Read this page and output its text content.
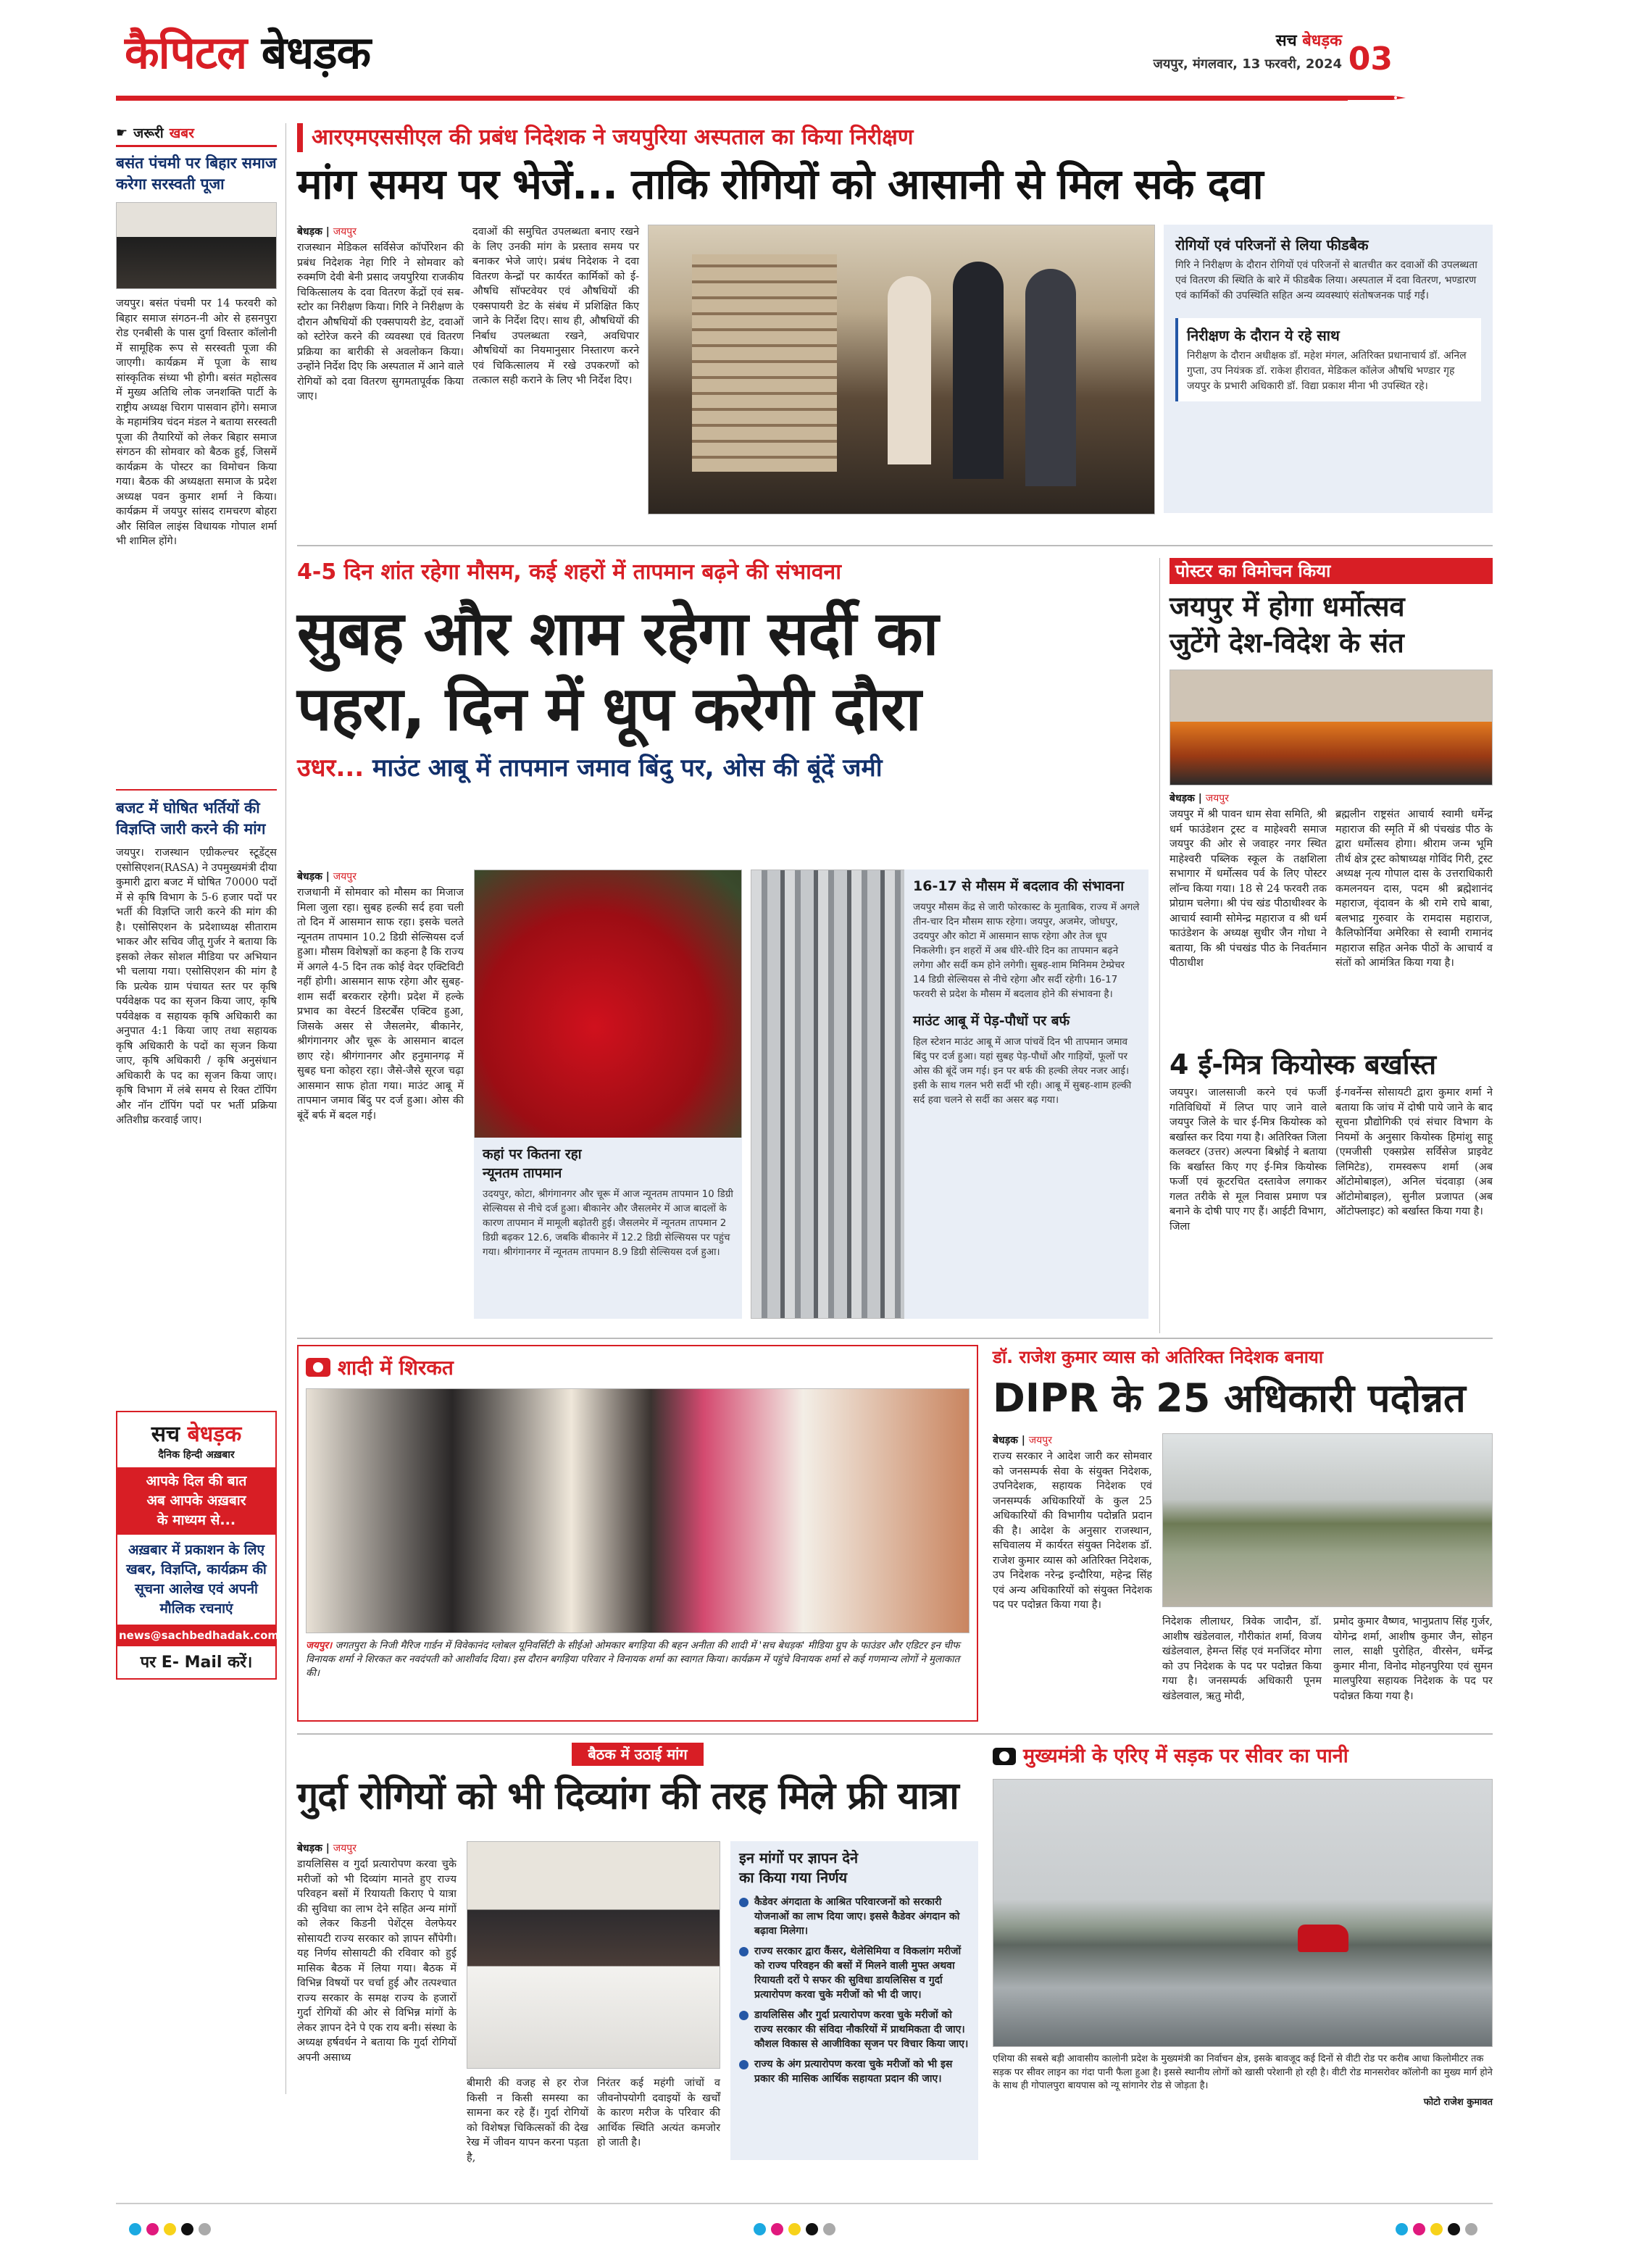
कैपिटल बेधड़क	सच बेधड़क
जयपुर, मंगलवार, 13 फरवरी, 2024 03
☛ जरूरी खबर
बसंत पंचमी पर बिहार समाज करेगा सरस्वती पूजा
जयपुर। बसंत पंचमी पर 14 फरवरी को बिहार समाज संगठन-नी ओर से हसनपुरा रोड एनबीसी के पास दुर्गा विस्तार कॉलोनी में सामूहिक रूप से सरस्वती पूजा की जाएगी। कार्यक्रम में पूजा के साथ सांस्कृतिक संध्या भी होगी। बसंत महोत्सव में मुख्य अतिथि लोक जनशक्ति पार्टी के राष्ट्रीय अध्यक्ष चिराग पासवान होंगे। समाज के महामंत्रिय चंदन मंडल ने बताया सरस्वती पूजा की तैयारियों को लेकर बिहार समाज संगठन की सोमवार को बैठक हुई, जिसमें कार्यक्रम के पोस्टर का विमोचन किया गया। बैठक की अध्यक्षता समाज के प्रदेश अध्यक्ष पवन कुमार शर्मा ने किया। कार्यक्रम में जयपुर सांसद रामचरण बोहरा और सिविल लाइंस विधायक गोपाल शर्मा भी शामिल होंगे।
बजट में घोषित भर्तियों की विज्ञप्ति जारी करने की मांग
जयपुर। राजस्थान एग्रीकल्चर स्टूडेंट्स एसोसिएशन(RASA) ने उपमुख्यमंत्री दीया कुमारी द्वारा बजट में घोषित 70000 पदों में से कृषि विभाग के 5-6 हजार पदों पर भर्ती की विज्ञप्ति जारी करने की मांग की है। एसोसिएशन के प्रदेशाध्यक्ष सीताराम भाकर और सचिव जीतू गुर्जर ने बताया कि इसको लेकर सोशल मीडिया पर अभियान भी चलाया गया। एसोसिएशन की मांग है कि प्रत्येक ग्राम पंचायत स्तर पर कृषि पर्यवेक्षक पद का सृजन किया जाए, कृषि पर्यवेक्षक व सहायक कृषि अधिकारी का अनुपात 4:1 किया जाए तथा सहायक कृषि अधिकारी के पदों का सृजन किया जाए, कृषि अधिकारी / कृषि अनुसंधान अधिकारी के पद का सृजन किया जाए। कृषि विभाग में लंबे समय से रिक्त टॉपिंग और नॉन टॉपिंग पदों पर भर्ती प्रक्रिया अतिशीघ्र करवाई जाए।
सच बेधड़क
दैनिक हिन्दी अख़बार
आपके दिल की बात
अब आपके अख़बार
के माध्यम से...
अख़बार में प्रकाशन के लिए खबर, विज्ञप्ति, कार्यक्रम की सूचना आलेख एवं अपनी मौलिक रचनाएं
news@sachbedhadak.com
पर E- Mail करें।
आरएमएससीएल की प्रबंध निदेशक ने जयपुरिया अस्पताल का किया निरीक्षण
मांग समय पर भेजें... ताकि रोगियों को आसानी से मिल सके दवा
बेधड़क | जयपुर
राजस्थान मेडिकल सर्विसेज कॉर्पोरेशन की प्रबंध निदेशक नेहा गिरि ने सोमवार को रुक्मणि देवी बेनी प्रसाद जयपुरिया राजकीय चिकित्सालय के दवा वितरण केंद्रों एवं सब-स्टोर का निरीक्षण किया। गिरि ने निरीक्षण के दौरान औषधियों की एक्सपायरी डेट, दवाओं को स्टोरेज करने की व्यवस्था एवं वितरण प्रक्रिया का बारीकी से अवलोकन किया। उन्होंने निर्देश दिए कि अस्पताल में आने वाले रोगियों को दवा वितरण सुगमतापूर्वक किया जाए।
दवाओं की समुचित उपलब्धता बनाए रखने के लिए उनकी मांग के प्रस्ताव समय पर बनाकर भेजे जाएं। प्रबंध निदेशक ने दवा वितरण केन्द्रों पर कार्यरत कार्मिकों को ई-औषधि सॉफ्टवेयर एवं औषधियों की एक्सपायरी डेट के संबंध में प्रशिक्षित किए जाने के निर्देश दिए। साथ ही, औषधियों की निर्बाध उपलब्धता रखने, अवधिपार औषधियों का नियमानुसार निस्तारण करने एवं चिकित्सालय में रखे उपकरणों को तत्काल सही कराने के लिए भी निर्देश दिए।
रोगियों एवं परिजनों से लिया फीडबैक
गिरि ने निरीक्षण के दौरान रोगियों एवं परिजनों से बातचीत कर दवाओं की उपलब्धता एवं वितरण की स्थिति के बारे में फीडबैक लिया। अस्पताल में दवा वितरण, भण्डारण एवं कार्मिकों की उपस्थिति सहित अन्य व्यवस्थाएं संतोषजनक पाई गईं।
निरीक्षण के दौरान ये रहे साथ
निरीक्षण के दौरान अधीक्षक डॉ. महेश मंगल, अतिरिक्त प्रधानाचार्य डॉ. अनिल गुप्ता, उप नियंत्रक डॉ. राकेश हीरावत, मेडिकल कॉलेज औषधि भण्डार गृह जयपुर के प्रभारी अधिकारी डॉ. विद्या प्रकाश मीना भी उपस्थित रहे।
4-5 दिन शांत रहेगा मौसम, कई शहरों में तापमान बढ़ने की संभावना
सुबह और शाम रहेगा सर्दी का
पहरा, दिन में धूप करेगी दौरा
उधर... माउंट आबू में तापमान जमाव बिंदु पर, ओस की बूंदें जमी
बेधड़क | जयपुर
राजधानी में सोमवार को मौसम का मिजाज मिला जुला रहा। सुबह हल्की सर्द हवा चली तो दिन में आसमान साफ रहा। इसके चलते न्यूनतम तापमान 10.2 डिग्री सेल्सियस दर्ज हुआ। मौसम विशेषज्ञों का कहना है कि राज्य में अगले 4-5 दिन तक कोई वेदर एक्टिविटी नहीं होगी। आसमान साफ रहेगा और सुबह-शाम सर्दी बरकरार रहेगी। प्रदेश में हल्के प्रभाव का वेस्टर्न डिस्टर्बेंस एक्टिव हुआ, जिसके असर से जैसलमेर, बीकानेर, श्रीगंगानगर और चूरू के आसमान बादल छाए रहे। श्रीगंगानगर और हनुमानगढ़ में सुबह घना कोहरा रहा। जैसे-जैसे सूरज चढ़ा आसमान साफ होता गया। माउंट आबू में तापमान जमाव बिंदु पर दर्ज हुआ। ओस की बूंदें बर्फ में बदल गई।
कहां पर कितना रहा
न्यूनतम तापमान
उदयपुर, कोटा, श्रीगंगानगर और चूरू में आज न्यूनतम तापमान 10 डिग्री सेल्सियस से नीचे दर्ज हुआ। बीकानेर और जैसलमेर में आज बादलों के कारण तापमान में मामूली बढ़ोतरी हुई। जैसलमेर में न्यूनतम तापमान 2 डिग्री बढ़कर 12.6, जबकि बीकानेर में 12.2 डिग्री सेल्सियस पर पहुंच गया। श्रीगंगानगर में न्यूनतम तापमान 8.9 डिग्री सेल्सियस दर्ज हुआ।
16-17 से मौसम में बदलाव की संभावना
जयपुर मौसम केंद्र से जारी फोरकास्ट के मुताबिक, राज्य में अगले तीन-चार दिन मौसम साफ रहेगा। जयपुर, अजमेर, जोधपुर, उदयपुर और कोटा में आसमान साफ रहेगा और तेज धूप निकलेगी। इन शहरों में अब धीरे-धीरे दिन का तापमान बढ़ने लगेगा और सर्दी कम होने लगेगी। सुबह-शाम मिनिमम टेम्प्रेचर 14 डिग्री सेल्सियस से नीचे रहेगा और सर्दी रहेगी। 16-17 फरवरी से प्रदेश के मौसम में बदलाव होने की संभावना है।
माउंट आबू में पेड़-पौधों पर बर्फ
हिल स्टेशन माउंट आबू में आज पांचवें दिन भी तापमान जमाव बिंदु पर दर्ज हुआ। यहां सुबह पेड़-पौधों और गाड़ियों, फूलों पर ओस की बूंदें जम गई। इन पर बर्फ की हल्की लेयर नजर आई। इसी के साथ गलन भरी सर्दी भी रही। आबू में सुबह-शाम हल्की सर्द हवा चलने से सर्दी का असर बढ़ गया।
पोस्टर का विमोचन किया
जयपुर में होगा धर्मोत्सव
जुटेंगे देश-विदेश के संत
बेधड़क | जयपुर
जयपुर में श्री पावन धाम सेवा समिति, श्री धर्म फाउंडेशन ट्रस्ट व माहेश्वरी समाज जयपुर की ओर से जवाहर नगर स्थित माहेश्वरी पब्लिक स्कूल के तक्षशिला सभागार में धर्मोत्सव पर्व के लिए पोस्टर लॉन्च किया गया। 18 से 24 फरवरी तक प्रोग्राम चलेगा। श्री पंच खंड पीठाधीश्वर के आचार्य स्वामी सोमेन्द्र महाराज व श्री धर्म फाउंडेशन के अध्यक्ष सुधीर जैन गोधा ने बताया, कि श्री पंचखंड पीठ के निवर्तमान पीठाधीश
ब्रह्मलीन राष्ट्रसंत आचार्य स्वामी धर्मेन्द्र महाराज की स्मृति में श्री पंचखंड पीठ के द्वारा धर्मोत्सव होगा। श्रीराम जन्म भूमि तीर्थ क्षेत्र ट्रस्ट कोषाध्यक्ष गोविंद गिरी, ट्रस्ट अध्यक्ष नृत्य गोपाल दास के उत्तराधिकारी कमलनयन दास, पदम श्री ब्रह्मेशानंद महाराज, वृंदावन के श्री रामे राघे बाबा, बलभाद्र गुरुवार के रामदास महाराज, कैलिफोर्निया अमेरिका से स्वामी रामानंद महाराज सहित अनेक पीठों के आचार्य व संतों को आमंत्रित किया गया है।
4 ई-मित्र कियोस्क बर्खास्त
जयपुर। जालसाजी करने एवं फर्जी गतिविधियों में लिप्त पाए जाने वाले जयपुर जिले के चार ई-मित्र कियोस्क को बर्खास्त कर दिया गया है। अतिरिक्त जिला कलक्टर (उत्तर) अल्पना बिश्नोई ने बताया कि बर्खास्त किए गए ई-मित्र कियोस्क फर्जी एवं कूटरचित दस्तावेज लगाकर गलत तरीके से मूल निवास प्रमाण पत्र बनाने के दोषी पाए गए हैं। आईटी विभाग, जिला
ई-गवर्नेन्स सोसायटी द्वारा कुमार शर्मा ने बताया कि जांच में दोषी पाये जाने के बाद सूचना प्रौद्योगिकी एवं संचार विभाग के नियमों के अनुसार कियोस्क हिमांशु साहू (एमजीसी एक्सप्रेस सर्विसेज प्राइवेट लिमिटेड), रामस्वरूप शर्मा (अब ऑटोमोबाइल), अनिल चंदवाड़ा (अब ऑटोमोबाइल), सुनील प्रजापत (अब ऑटोफ्लाइट) को बर्खास्त किया गया है।
शादी में शिरकत
जयपुर। जगतपुरा के निजी मैरिज गार्डन में विवेकानंद ग्लोबल यूनिवर्सिटी के सीईओ ओमकार बगड़िया की बहन अनीता की शादी में 'सच बेधड़क' मीडिया ग्रुप के फाउंडर और एडिटर इन चीफ विनायक शर्मा ने शिरकत कर नवदंपती को आशीर्वाद दिया। इस दौरान बगड़िया परिवार ने विनायक शर्मा का स्वागत किया। कार्यक्रम में पहुंचे विनायक शर्मा से कई गणमान्य लोगों ने मुलाकात की।
डॉ. राजेश कुमार व्यास को अतिरिक्त निदेशक बनाया
DIPR के 25 अधिकारी पदोन्नत
बेधड़क | जयपुर
राज्य सरकार ने आदेश जारी कर सोमवार को जनसम्पर्क सेवा के संयुक्त निदेशक, उपनिदेशक, सहायक निदेशक एवं जनसम्पर्क अधिकारियों के कुल 25 अधिकारियों की विभागीय पदोन्नति प्रदान की है। आदेश के अनुसार राजस्थान, सचिवालय में कार्यरत संयुक्त निदेशक डॉ. राजेश कुमार व्यास को अतिरिक्त निदेशक, उप निदेशक नरेन्द्र इन्दौरिया, महेन्द्र सिंह एवं अन्य अधिकारियों को संयुक्त निदेशक पद पर पदोन्नत किया गया है।
निदेशक लीलाधर, त्रिवेक जादौन, डॉ. आशीष खंडेलवाल, गौरीकांत शर्मा, विजय खंडेलवाल, हेमन्त सिंह एवं मनजिंदर मोगा को उप निदेशक के पद पर पदोन्नत किया गया है। जनसम्पर्क अधिकारी पूनम खंडेलवाल, ऋतु मोदी,
प्रमोद कुमार वैष्णव, भानुप्रताप सिंह गुर्जर, योगेन्द्र शर्मा, आशीष कुमार जैन, सोहन लाल, साक्षी पुरोहित, वीरसेन, धर्मेन्द्र कुमार मीना, विनोद मोहनपुरिया एवं सुमन मालपुरिया सहायक निदेशक के पद पर पदोन्नत किया गया है।
बैठक में उठाई मांग
गुर्दा रोगियों को भी दिव्यांग की तरह मिले फ्री यात्रा
बेधड़क | जयपुर
डायलिसिस व गुर्दा प्रत्यारोपण करवा चुके मरीजों को भी दिव्यांग मानते हुए राज्य परिवहन बसों में रियायती किराए पे यात्रा की सुविधा का लाभ देने सहित अन्य मांगों को लेकर किडनी पेशेंट्स वेलफेयर सोसायटी राज्य सरकार को ज्ञापन सौंपेगी। यह निर्णय सोसायटी की रविवार को हुई मासिक बैठक में लिया गया। बैठक में विभिन्न विषयों पर चर्चा हुई और तत्पश्चात राज्य सरकार के समक्ष राज्य के हजारों गुर्दा रोगियों की ओर से विभिन्न मांगों के लेकर ज्ञापन देने पे एक राय बनी। संस्था के अध्यक्ष हर्षवर्धन ने बताया कि गुर्दा रोगियों अपनी असाध्य
बीमारी की वजह से हर रोज किसी न किसी समस्या का सामना कर रहे हैं। गुर्दा रोगियों को विशेषज्ञ चिकित्सकों की देख रेख में जीवन यापन करना पड़ता है,
निरंतर कई महंगी जांचों व जीवनोपयोगी दवाइयों के खर्चों के कारण मरीज के परिवार की आर्थिक स्थिति अत्यंत कमजोर हो जाती है।
इन मांगों पर ज्ञापन देने
का किया गया निर्णय
कैडेवर अंगदाता के आश्रित परिवारजनों को सरकारी योजनाओं का लाभ दिया जाए। इससे कैडेवर अंगदान को बढ़ावा मिलेगा।
राज्य सरकार द्वारा कैंसर, थेलेसिमिया व विकलांग मरीजों को राज्य परिवहन की बसों में मिलने वाली मुफ्त अथवा रियायती दरों पे सफर की सुविधा डायलिसिस व गुर्दा प्रत्यारोपण करवा चुके मरीजों को भी दी जाए।
डायलिसिस और गुर्दा प्रत्यारोपण करवा चुके मरीजों को राज्य सरकार की संविदा नौकरियों में प्राथमिकता दी जाए। कौशल विकास से आजीविका सृजन पर विचार किया जाए।
राज्य के अंग प्रत्यारोपण करवा चुके मरीजों को भी इस प्रकार की मासिक आर्थिक सहायता प्रदान की जाए।
मुख्यमंत्री के एरिए में सड़क पर सीवर का पानी
एशिया की सबसे बड़ी आवासीय कालोनी प्रदेश के मुख्यमंत्री का निर्वाचन क्षेत्र, इसके बावजूद कई दिनों से वीटी रोड पर करीब आधा किलोमीटर तक सड़क पर सीवर लाइन का गंदा पानी फैला हुआ है। इससे स्थानीय लोगों को खासी परेशानी हो रही है। वीटी रोड मानसरोवर कॉलोनी का मुख्य मार्ग होने के साथ ही गोपालपुरा बायपास को न्यू सांगानेर रोड से जोड़ता है।
फोटो राजेश कुमावत
